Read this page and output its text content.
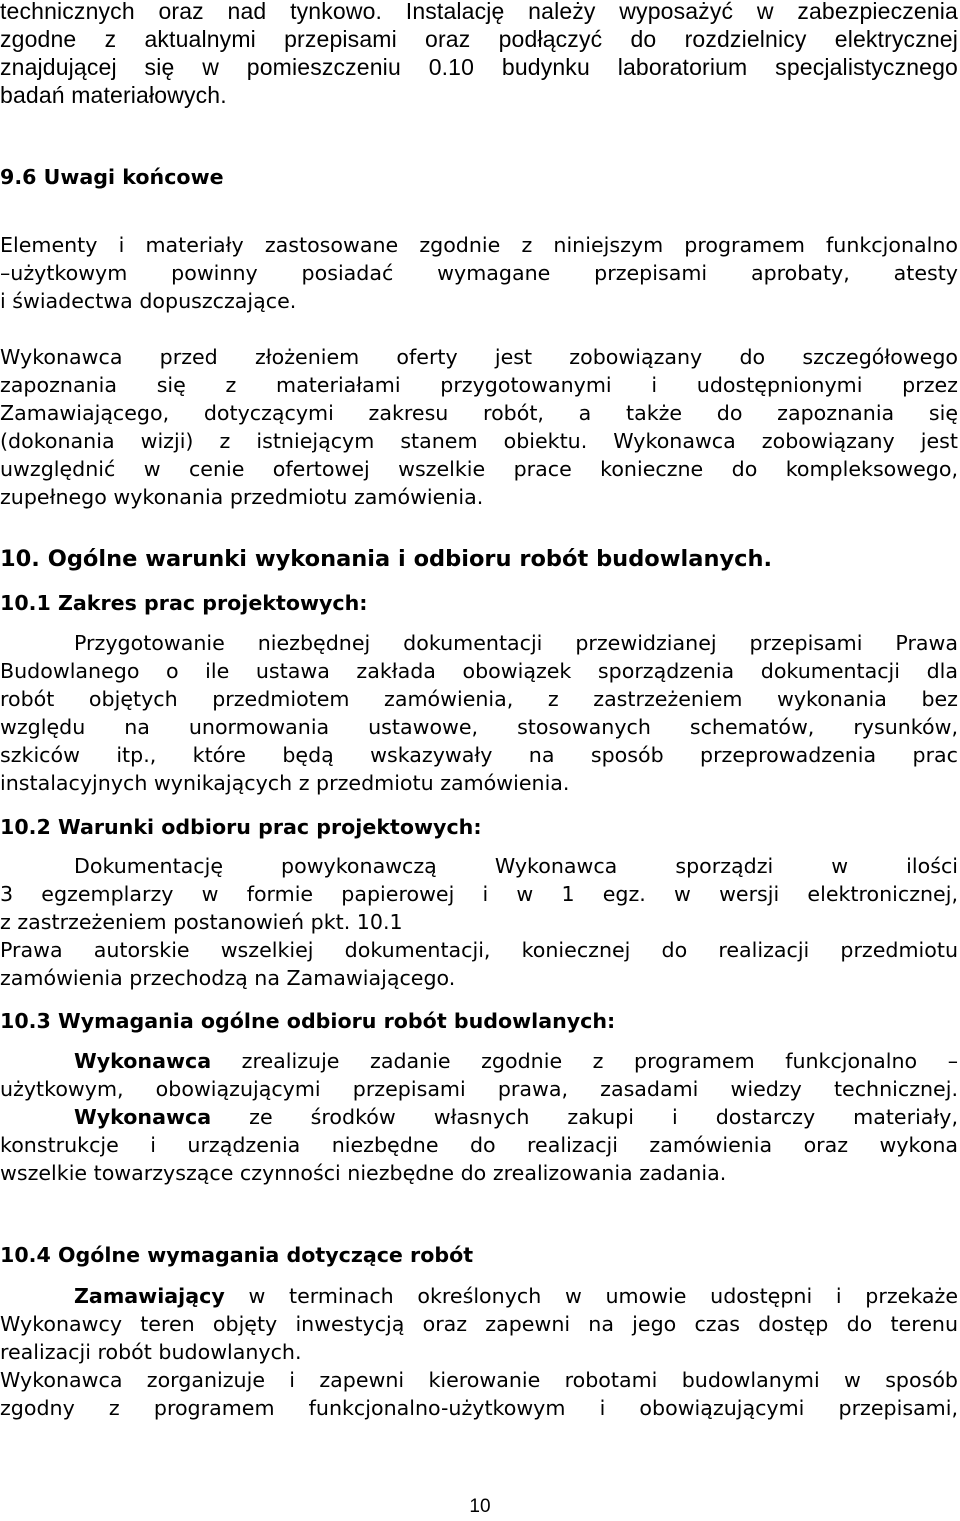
technicznych oraz nad tynkowo. Instalację należy wyposażyć w zabezpieczenia
zgodne z aktualnymi przepisami oraz podłączyć do rozdzielnicy elektrycznej
znajdującej się w pomieszczeniu 0.10 budynku laboratorium specjalistycznego
badań materiałowych.
9.6 Uwagi końcowe
Elementy i materiały zastosowane zgodnie z niniejszym programem funkcjonalno
–użytkowym powinny posiadać wymagane przepisami aprobaty, atesty
i świadectwa dopuszczające.
Wykonawca przed złożeniem oferty jest zobowiązany do szczegółowego
zapoznania się z materiałami przygotowanymi i udostępnionymi przez
Zamawiającego, dotyczącymi zakresu robót, a także do zapoznania się
(dokonania wizji) z istniejącym stanem obiektu. Wykonawca zobowiązany jest
uwzględnić w cenie ofertowej wszelkie prace konieczne do kompleksowego,
zupełnego wykonania przedmiotu zamówienia.
10. Ogólne warunki wykonania i odbioru robót budowlanych.
10.1 Zakres prac projektowych:
Przygotowanie niezbędnej dokumentacji przewidzianej przepisami Prawa
Budowlanego o ile ustawa zakłada obowiązek sporządzenia dokumentacji dla
robót objętych przedmiotem zamówienia, z zastrzeżeniem wykonania bez
względu na unormowania ustawowe, stosowanych schematów, rysunków,
szkiców itp., które będą wskazywały na sposób przeprowadzenia prac
instalacyjnych wynikających z przedmiotu zamówienia.
10.2 Warunki odbioru prac projektowych:
Dokumentację powykonawczą Wykonawca sporządzi w ilości
3 egzemplarzy w formie papierowej i w 1 egz. w wersji elektronicznej,
z zastrzeżeniem postanowień pkt. 10.1
Prawa autorskie wszelkiej dokumentacji, koniecznej do realizacji przedmiotu
zamówienia przechodzą na Zamawiającego.
10.3 Wymagania ogólne odbioru robót budowlanych:
Wykonawca zrealizuje zadanie zgodnie z programem funkcjonalno –
użytkowym, obowiązującymi przepisami prawa, zasadami wiedzy technicznej.
Wykonawca ze środków własnych zakupi i dostarczy materiały,
konstrukcje i urządzenia niezbędne do realizacji zamówienia oraz wykona
wszelkie towarzyszące czynności niezbędne do zrealizowania zadania.
10.4 Ogólne wymagania dotyczące robót
Zamawiający w terminach określonych w umowie udostępni i przekaże
Wykonawcy teren objęty inwestycją oraz zapewni na jego czas dostęp do terenu
realizacji robót budowlanych.
Wykonawca zorganizuje i zapewni kierowanie robotami budowlanymi w sposób
zgodny z programem funkcjonalno-użytkowym i obowiązującymi przepisami,
10
